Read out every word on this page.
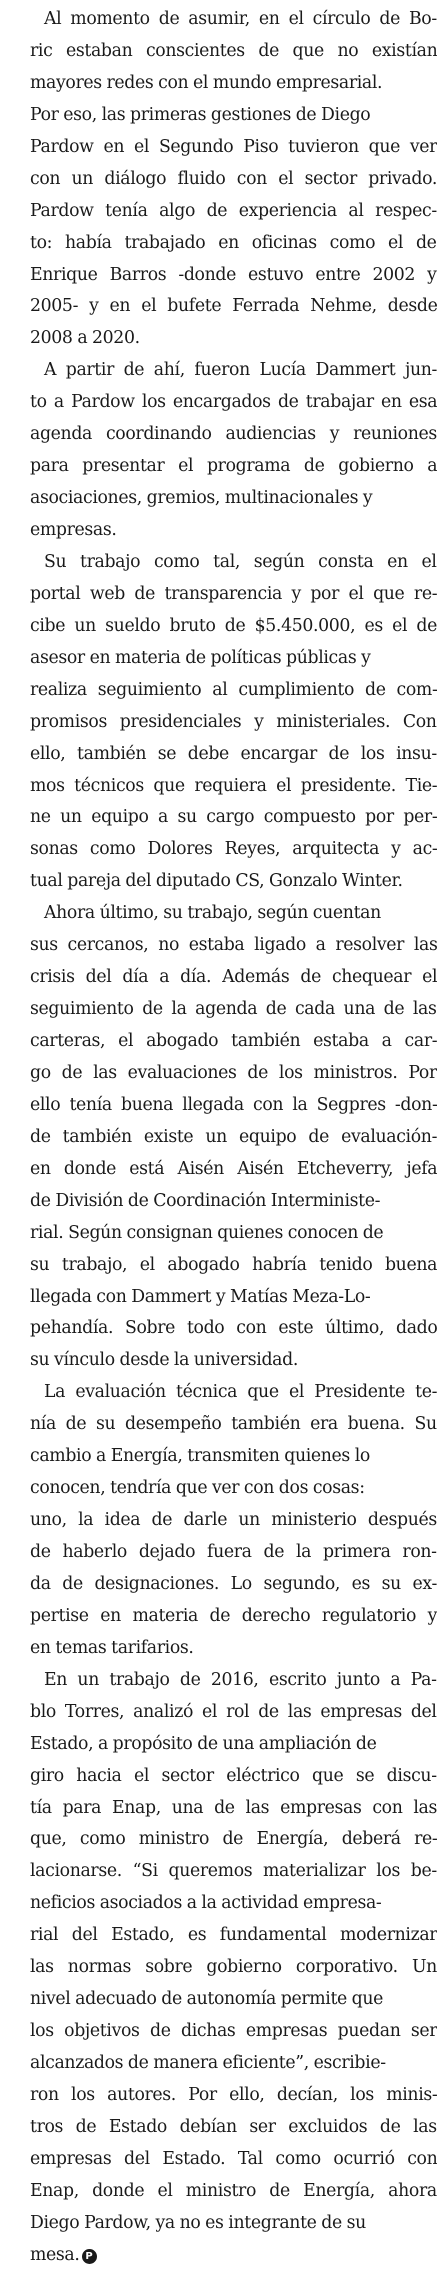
Al momento de asumir, en el círculo de Bo-
ric estaban conscientes de que no existían
mayores redes con el mundo empresarial.
Por eso, las primeras gestiones de Diego
Pardow en el Segundo Piso tuvieron que ver
con un diálogo fluido con el sector privado.
Pardow tenía algo de experiencia al respec-
to: había trabajado en oficinas como el de
Enrique Barros -donde estuvo entre 2002 y
2005- y en el bufete Ferrada Nehme, desde
2008 a 2020.
A partir de ahí, fueron Lucía Dammert jun-
to a Pardow los encargados de trabajar en esa
agenda coordinando audiencias y reuniones
para presentar el programa de gobierno a
asociaciones, gremios, multinacionales y
empresas.
Su trabajo como tal, según consta en el
portal web de transparencia y por el que re-
cibe un sueldo bruto de $5.450.000, es el de
asesor en materia de políticas públicas y
realiza seguimiento al cumplimiento de com-
promisos presidenciales y ministeriales. Con
ello, también se debe encargar de los insu-
mos técnicos que requiera el presidente. Tie-
ne un equipo a su cargo compuesto por per-
sonas como Dolores Reyes, arquitecta y ac-
tual pareja del diputado CS, Gonzalo Winter.
Ahora último, su trabajo, según cuentan
sus cercanos, no estaba ligado a resolver las
crisis del día a día. Además de chequear el
seguimiento de la agenda de cada una de las
carteras, el abogado también estaba a car-
go de las evaluaciones de los ministros. Por
ello tenía buena llegada con la Segpres -don-
de también existe un equipo de evaluación-
en donde está Aisén Aisén Etcheverry, jefa
de División de Coordinación Interministe-
rial. Según consignan quienes conocen de
su trabajo, el abogado habría tenido buena
llegada con Dammert y Matías Meza-Lo-
pehandía. Sobre todo con este último, dado
su vínculo desde la universidad.
La evaluación técnica que el Presidente te-
nía de su desempeño también era buena. Su
cambio a Energía, transmiten quienes lo
conocen, tendría que ver con dos cosas:
uno, la idea de darle un ministerio después
de haberlo dejado fuera de la primera ron-
da de designaciones. Lo segundo, es su ex-
pertise en materia de derecho regulatorio y
en temas tarifarios.
En un trabajo de 2016, escrito junto a Pa-
blo Torres, analizó el rol de las empresas del
Estado, a propósito de una ampliación de
giro hacia el sector eléctrico que se discu-
tía para Enap, una de las empresas con las
que, como ministro de Energía, deberá re-
lacionarse. “Si queremos materializar los be-
neficios asociados a la actividad empresa-
rial del Estado, es fundamental modernizar
las normas sobre gobierno corporativo. Un
nivel adecuado de autonomía permite que
los objetivos de dichas empresas puedan ser
alcanzados de manera eficiente”, escribie-
ron los autores. Por ello, decían, los minis-
tros de Estado debían ser excluidos de las
empresas del Estado. Tal como ocurrió con
Enap, donde el ministro de Energía, ahora
Diego Pardow, ya no es integrante de su
mesa. P
